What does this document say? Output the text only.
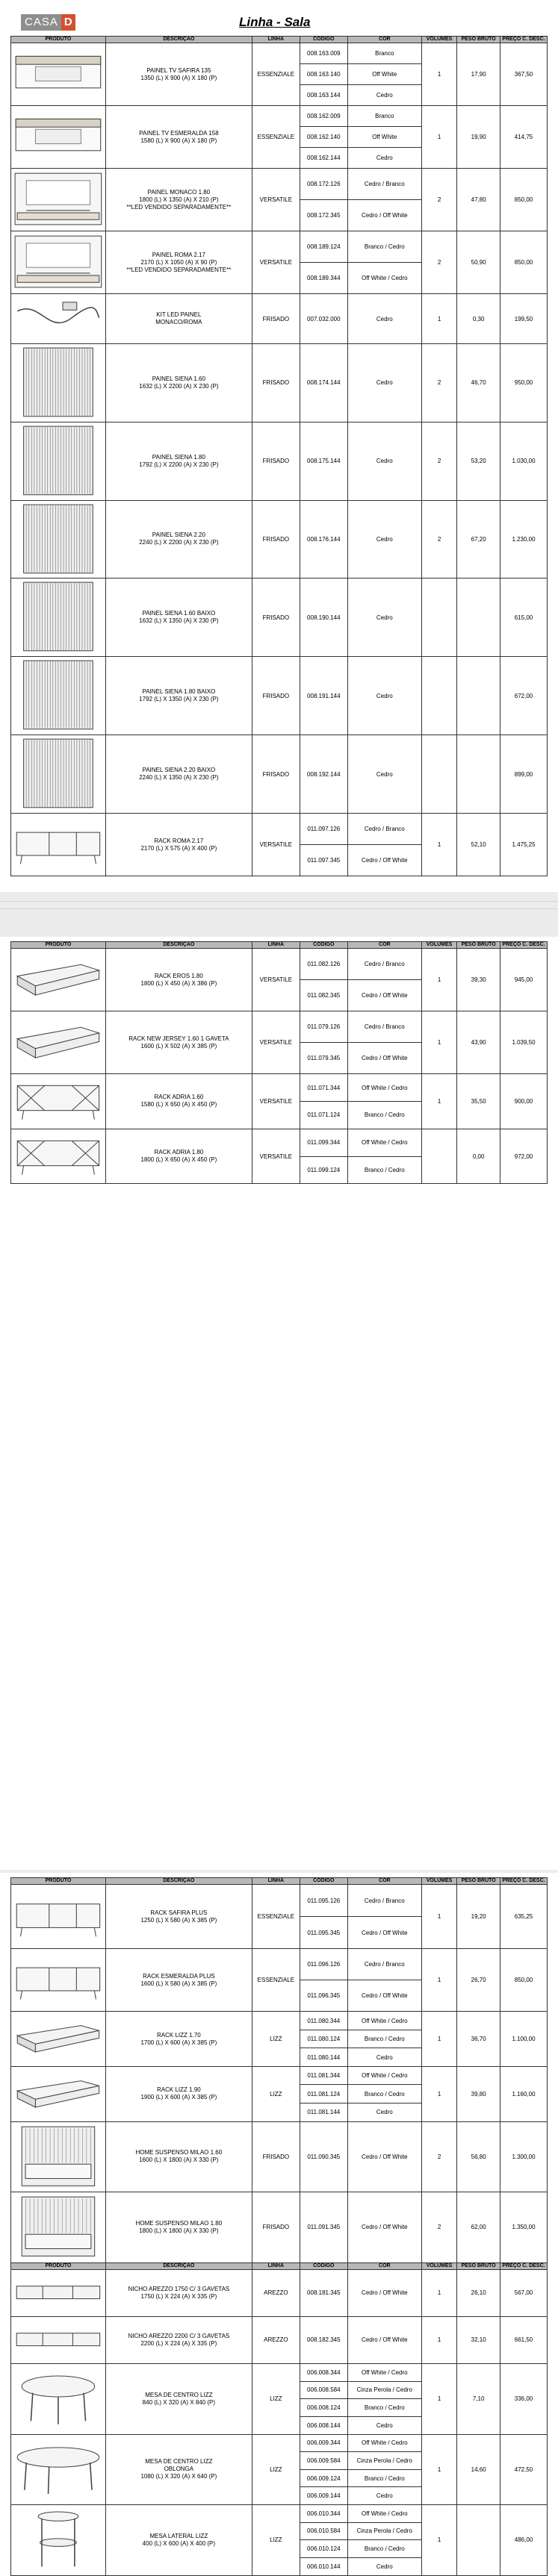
CASA D	Linha - Sala
PRODUTO	DESCRIÇÃO	LINHA	CÓDIGO	COR	VOLUMES	PESO BRUTO	PREÇO C. DESC.

PAINEL TV SAFIRA 135
1350 (L) X 900 (A) X 180 (P)	ESSENZIALE	008.163.009	Branco	1	17,90	367,50
			008.163.140	Off White			
			008.163.144	Cedro			

PAINEL TV ESMERALDA 158
1580 (L) X 900 (A) X 180 (P)	ESSENZIALE	008.162.009	Branco	1	19,90	414,75
			008.162.140	Off White			
			008.162.144	Cedro			

PAINEL MONACO 1.80
1800 (L) X 1350 (A) X 210 (P)
**LED VENDIDO SEPARADAMENTE**	VERSATILE	008.172.126	Cedro / Branco	2	47,80	850,00
			008.172.345	Cedro / Off White			

PAINEL ROMA 2.17
2170 (L) X 1050 (A) X 90 (P)
**LED VENDIDO SEPARADAMENTE**	VERSATILE	008.189.124	Branco / Cedro	2	50,90	850,00
			008.189.344	Off White / Cedro			

KIT LED PAINEL
MONACO/ROMA	FRISADO	007.032.000	Cedro	1	0,30	199,50

PAINEL SIENA 1.60
1632 (L) X 2200 (A) X 230 (P)	FRISADO	008.174.144	Cedro	2	46,70	950,00

PAINEL SIENA 1.80
1792 (L) X 2200 (A) X 230 (P)	FRISADO	008.175.144	Cedro	2	53,20	1.030,00

PAINEL SIENA 2.20
2240 (L) X 2200 (A) X 230 (P)	FRISADO	008.176.144	Cedro	2	67,20	1.230,00

PAINEL SIENA 1.60 BAIXO
1632 (L) X 1350 (A) X 230 (P)	FRISADO	008.190.144	Cedro			615,00

PAINEL SIENA 1.80 BAIXO
1792 (L) X 1350 (A) X 230 (P)	FRISADO	008.191.144	Cedro			672,00

PAINEL SIENA 2.20 BAIXO
2240 (L) X 1350 (A) X 230 (P)	FRISADO	008.192.144	Cedro			899,00

RACK ROMA 2.17
2170 (L) X 575 (A) X 400 (P)	VERSATILE	011.097.126	Cedro / Branco	1	52,10	1.475,25
			011.097.345	Cedro / Off White			
PRODUTO	DESCRIÇÃO	LINHA	CÓDIGO	COR	VOLUMES	PESO BRUTO	PREÇO C. DESC.

RACK EROS 1.80
1800 (L) X 450 (A) X 386 (P)	VERSATILE	011.082.126	Cedro / Branco	1	39,30	945,00
			011.082.345	Cedro / Off White			

RACK NEW JERSEY 1.60 1 GAVETA
1600 (L) X 502 (A) X 385 (P)	VERSATILE	011.079.126	Cedro / Branco	1	43,90	1.039,50
			011.079.345	Cedro / Off White			

RACK ADRIA 1.60
1580 (L) X 650 (A) X 450 (P)	VERSATILE	011.071.344	Off White / Cedro	1	35,50	900,00
			011.071.124	Branco / Cedro			

RACK ADRIA 1.80
1800 (L) X 650 (A) X 450 (P)	VERSATILE	011.099.344	Off White / Cedro		0,00	972,00
			011.099.124	Branco / Cedro			
PRODUTO	DESCRIÇÃO	LINHA	CÓDIGO	COR	VOLUMES	PESO BRUTO	PREÇO C. DESC.

RACK SAFIRA PLUS
1250 (L) X 580 (A) X 385 (P)	ESSENZIALE	011.095.126	Cedro / Branco	1	19,20	635,25
			011.095.345	Cedro / Off White			

RACK ESMERALDA PLUS
1600 (L) X 580 (A) X 385 (P)	ESSENZIALE	011.096.126	Cedro / Branco	1	26,70	850,00
			011.096.345	Cedro / Off White			

RACK LIZZ 1.70
1700 (L) X 600 (A) X 385 (P)	LIZZ	011.080.344	Off White / Cedro	1	36,70	1.100,00
			011.080.124	Branco / Cedro			
			011.080.144	Cedro			

RACK LIZZ 1.90
1900 (L) X 600 (A) X 385 (P)	LIZZ	011.081.344	Off White / Cedro	1	39,80	1.160,00
			011.081.124	Branco / Cedro			
			011.081.144	Cedro			

HOME SUSPENSO MILAO 1.60
1600 (L) X 1800 (A) X 330 (P)	FRISADO	011.090.345	Cedro / Off White	2	56,80	1.300,00

HOME SUSPENSO MILAO 1.80
1800 (L) X 1800 (A) X 330 (P)	FRISADO	011.091.345	Cedro / Off White	2	62,00	1.350,00
PRODUTO	DESCRIÇÃO	LINHA	CÓDIGO	COR	VOLUMES	PESO BRUTO	PREÇO C. DESC.

NICHO AREZZO 1750 C/ 3 GAVETAS
1750 (L) X 224 (A) X 335 (P)	AREZZO	008.181.345	Cedro / Off White	1	26,10	567,00

NICHO AREZZO 2200 C/ 3 GAVETAS
2200 (L) X 224 (A) X 335 (P)	AREZZO	008.182.345	Cedro / Off White	1	32,10	661,50

MESA DE CENTRO LIZZ
840 (L) X 320 (A) X 840 (P)	LIZZ	006.008.344	Off White / Cedro	1	7,10	336,00
			006.008.584	Cinza Perola / Cedro			
			006.008.124	Branco / Cedro			
			006.008.144	Cedro			

MESA DE CENTRO LIZZ
OBLONGA
1080 (L) X 320 (A) X 640 (P)	LIZZ	006.009.344	Off White / Cedro	1	14,60	472,50
			006.009.584	Cinza Perola / Cedro			
			006.009.124	Branco / Cedro			
			006.009.144	Cedro			

MESA LATERAL LIZZ
400 (L) X 600 (A) X 400 (P)	LIZZ	006.010.344	Off White / Cedro	1		486,00
			006.010.584	Cinza Perola / Cedro			
			006.010.124	Branco / Cedro			
			006.010.144	Cedro			
